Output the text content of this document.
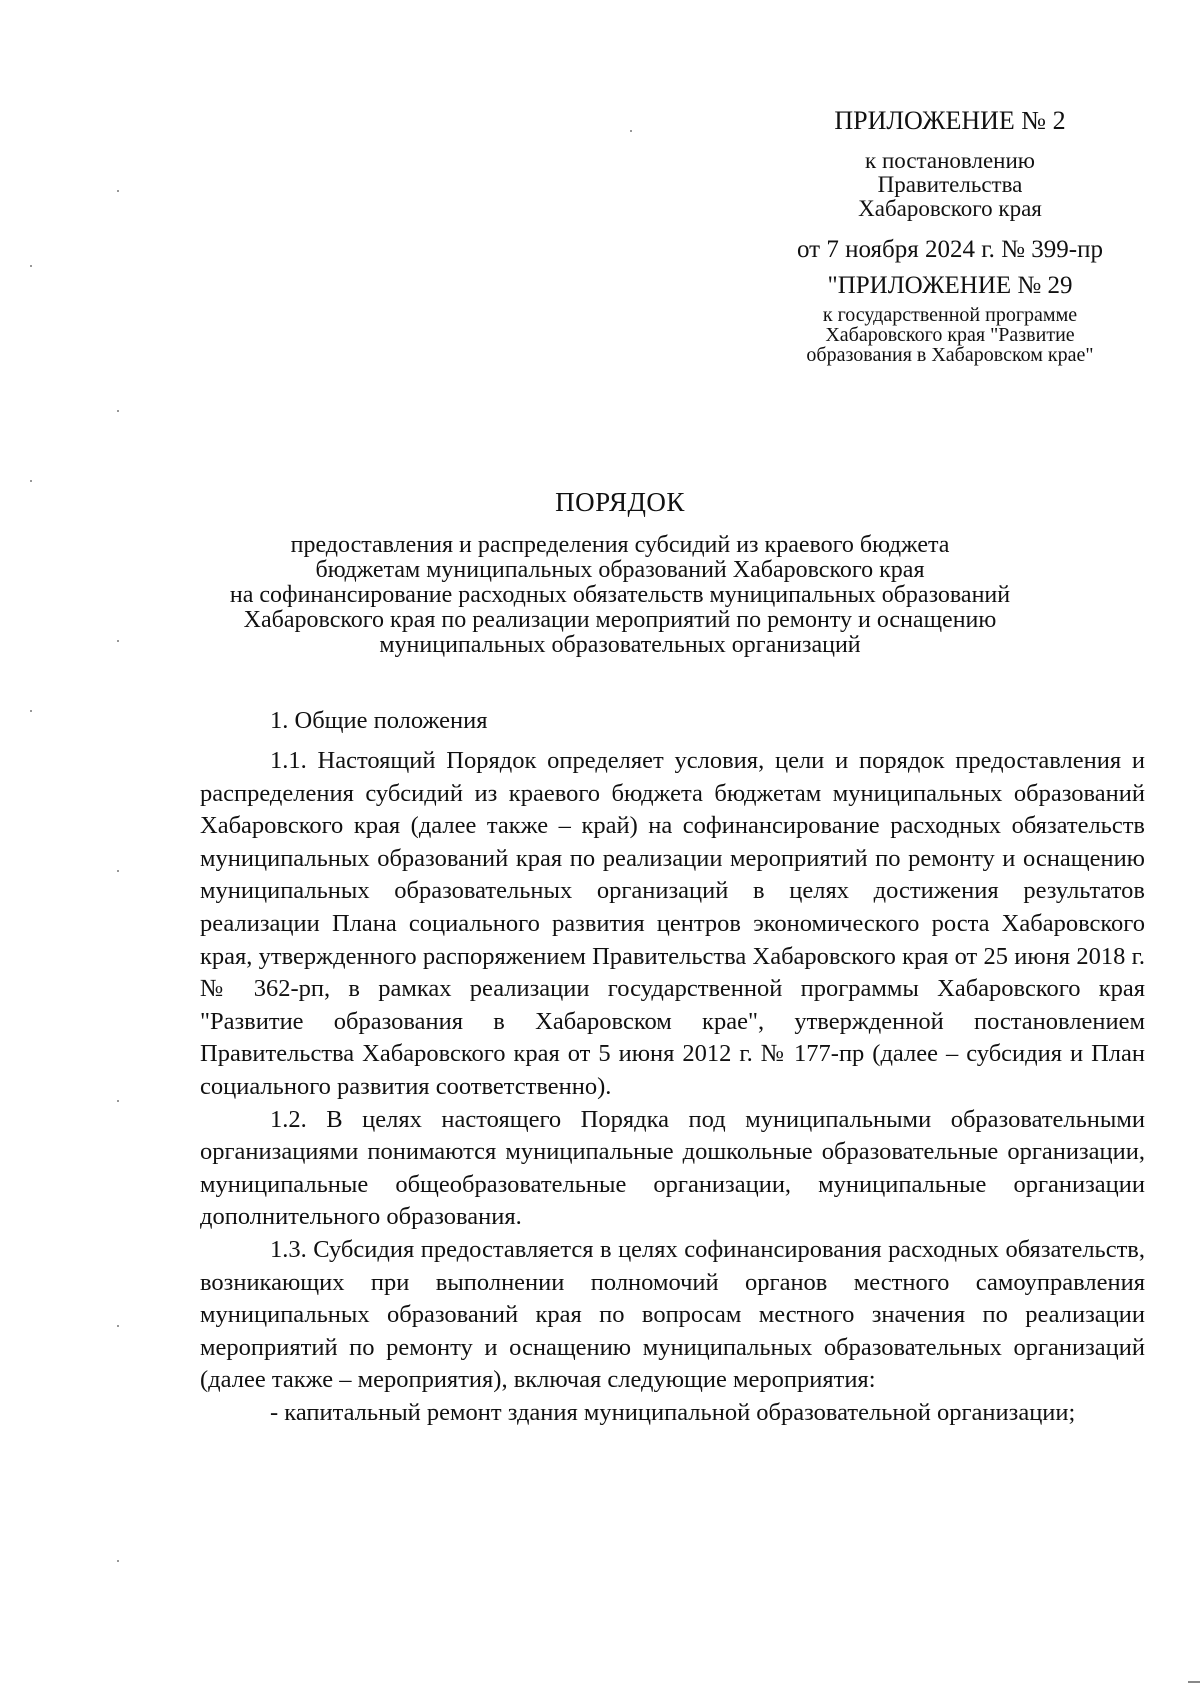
ПРИЛОЖЕНИЕ № 2

к постановлению
Правительства
Хабаровского края

от 7 ноября 2024 г. № 399-пр

"ПРИЛОЖЕНИЕ № 29

к государственной программе
Хабаровского края "Развитие
образования в Хабаровском крае"

ПОРЯДОК

предоставления и распределения субсидий из краевого бюджета
бюджетам муниципальных образований Хабаровского края
на софинансирование расходных обязательств муниципальных образований
Хабаровского края по реализации мероприятий по ремонту и оснащению
муниципальных образовательных организаций

1. Общие положения

1.1. Настоящий Порядок определяет условия, цели и порядок предоставления и распределения субсидий из краевого бюджета бюджетам муниципальных образований Хабаровского края (далее также – край) на софинансирование расходных обязательств муниципальных образований края по реализации мероприятий по ремонту и оснащению муниципальных образовательных организаций в целях достижения результатов реализации Плана социального развития центров экономического роста Хабаровского края, утвержденного распоряжением Правительства Хабаровского края от 25 июня 2018 г. № 362-рп, в рамках реализации государственной программы Хабаровского края "Развитие образования в Хабаровском крае", утвержденной постановлением Правительства Хабаровского края от 5 июня 2012 г. № 177-пр (далее – субсидия и План социального развития соответственно).

1.2. В целях настоящего Порядка под муниципальными образовательными организациями понимаются муниципальные дошкольные образовательные организации, муниципальные общеобразовательные организации, муниципальные организации дополнительного образования.

1.3. Субсидия предоставляется в целях софинансирования расходных обязательств, возникающих при выполнении полномочий органов местного самоуправления муниципальных образований края по вопросам местного значения по реализации мероприятий по ремонту и оснащению муниципальных образовательных организаций (далее также – мероприятия), включая следующие мероприятия:

- капитальный ремонт здания муниципальной образовательной организации;
